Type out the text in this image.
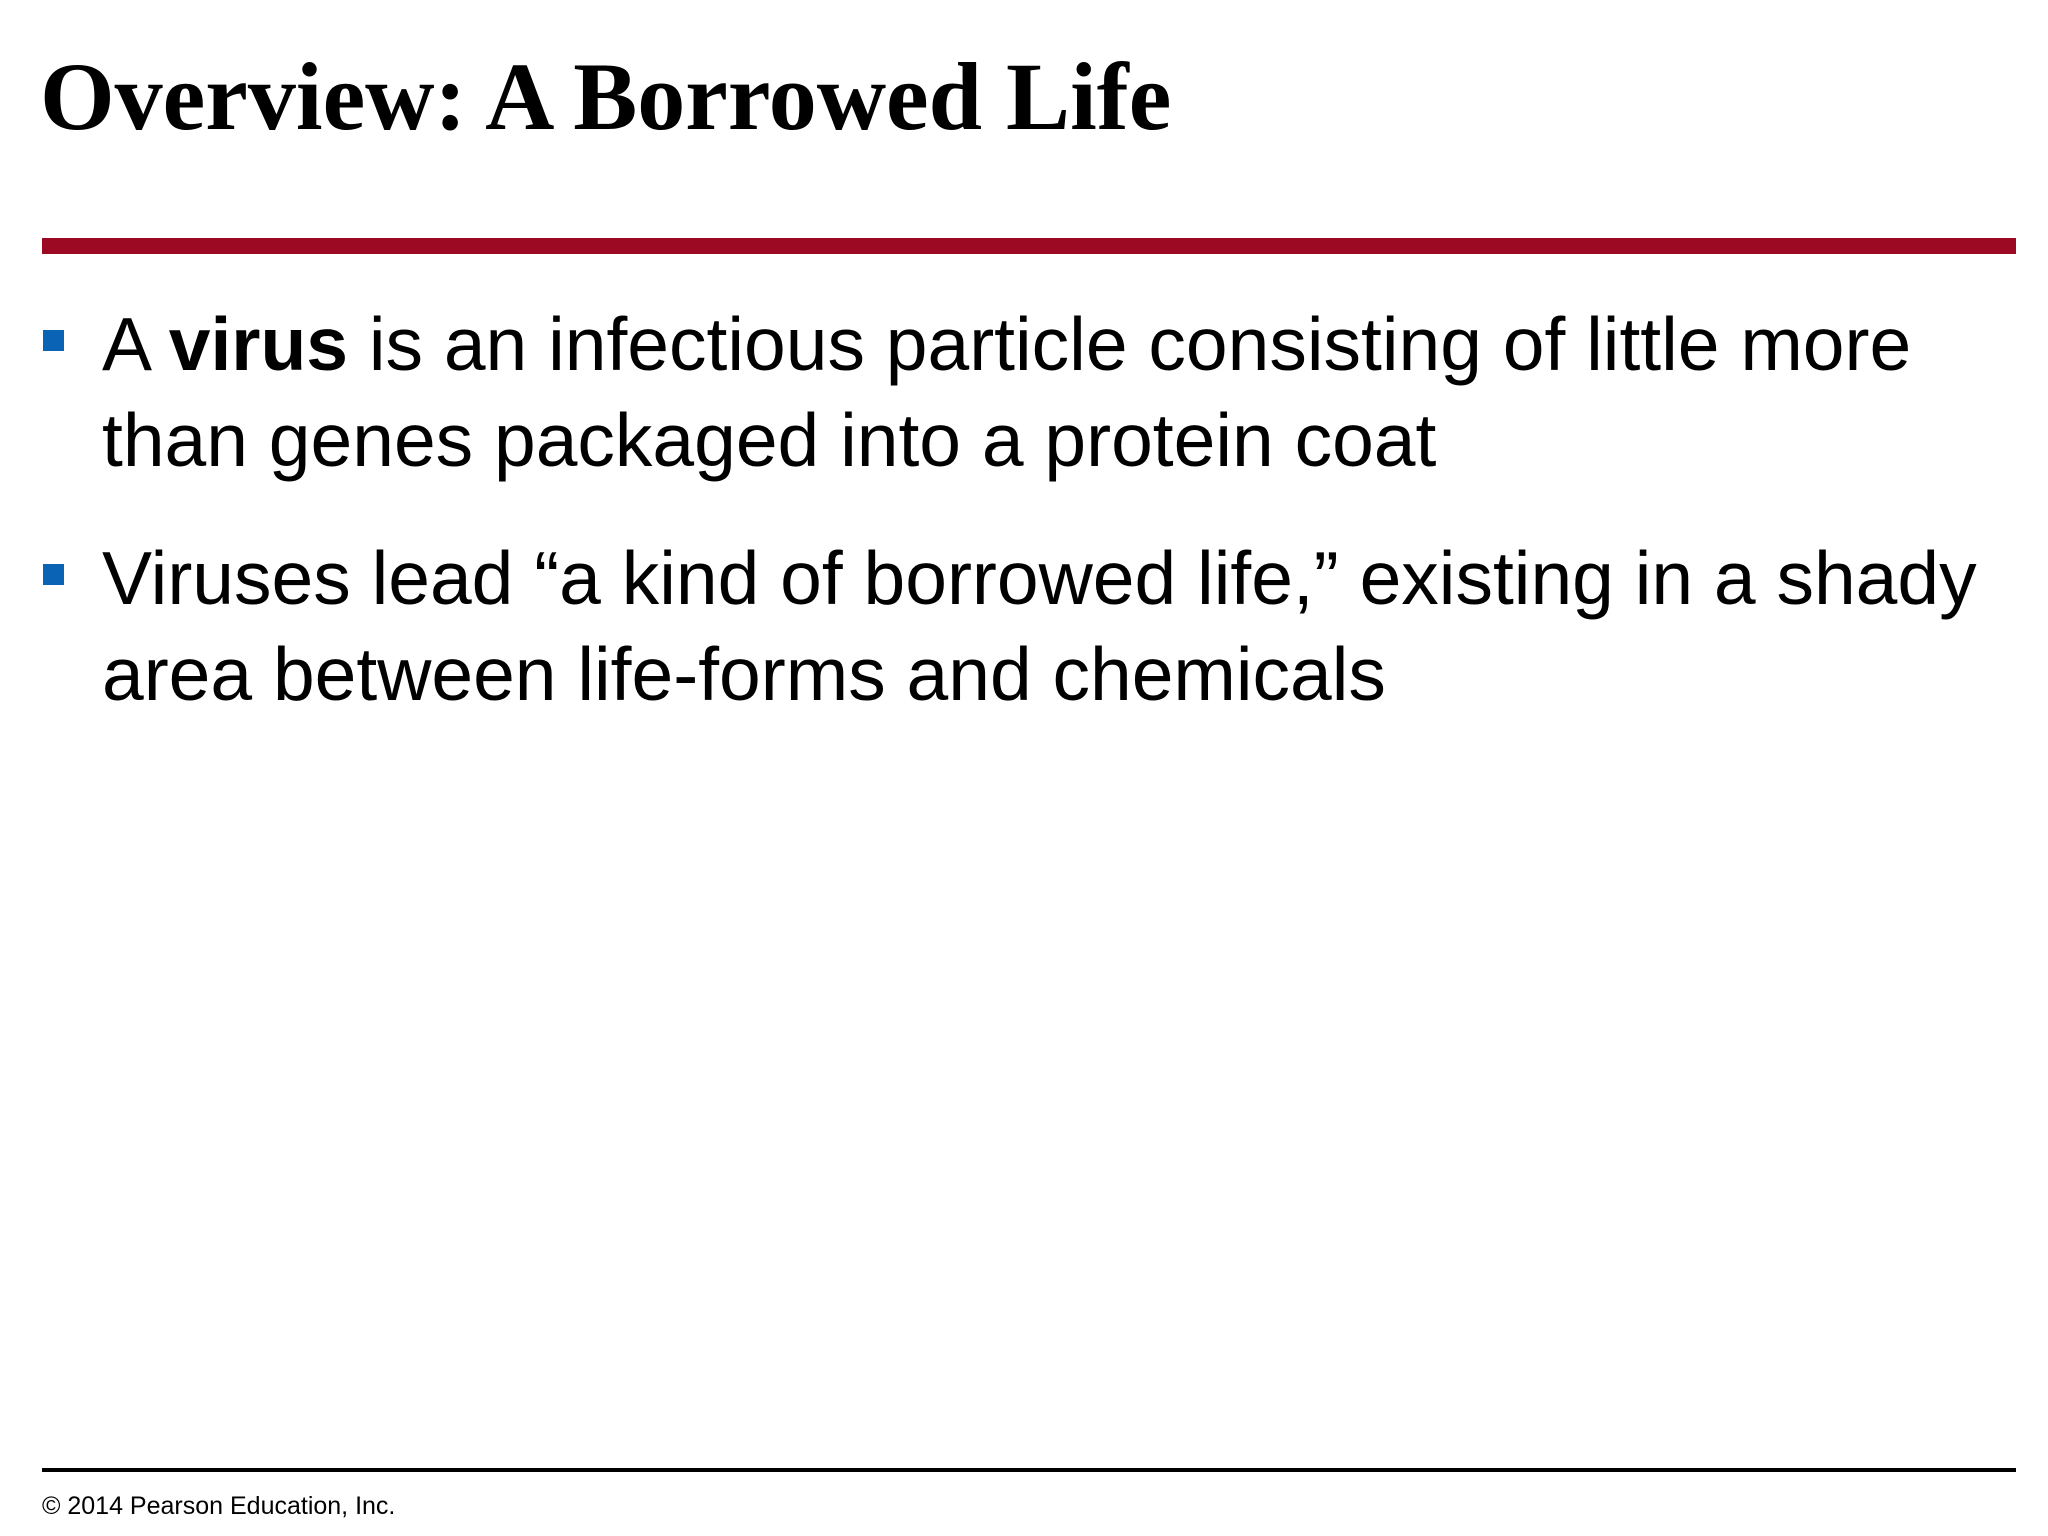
Overview: A Borrowed Life
A virus is an infectious particle consisting of little more than genes packaged into a protein coat
Viruses lead “a kind of borrowed life,” existing in a shady area between life-forms and chemicals
© 2014 Pearson Education, Inc.
